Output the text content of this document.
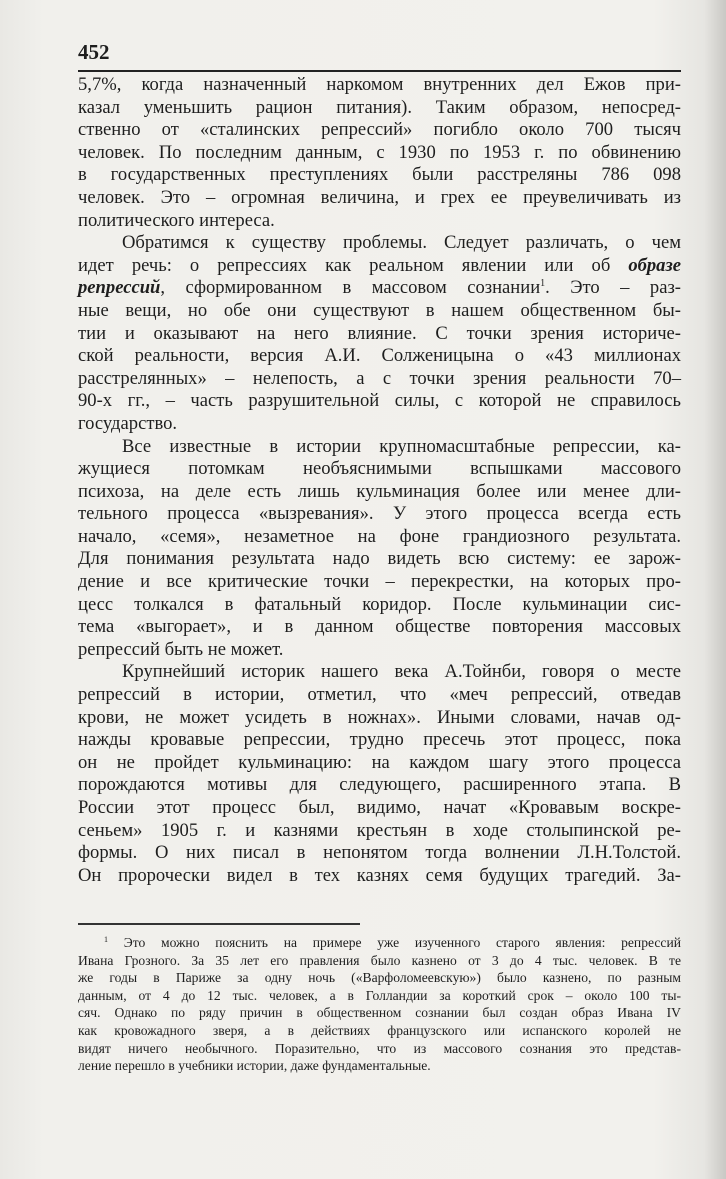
452
5,7%, когда назначенный наркомом внутренних дел Ежов при-
казал уменьшить рацион питания). Таким образом, непосред-
ственно от «сталинских репрессий» погибло около 700 тысяч
человек. По последним данным, с 1930 по 1953 г. по обвинению
в государственных преступлениях были расстреляны 786 098
человек. Это – огромная величина, и грех ее преувеличивать из
политического интереса.
Обратимся к существу проблемы. Следует различать, о чем
идет речь: о репрессиях как реальном явлении или об образе
репрессий, сформированном в массовом сознании$^1$. Это – раз-
ные вещи, но обе они существуют в нашем общественном бы-
тии и оказывают на него влияние. С точки зрения историче-
ской реальности, версия А.И. Солженицына о «43 миллионах
расстрелянных» – нелепость, а с точки зрения реальности 70–
90-х гг., – часть разрушительной силы, с которой не справилось
государство.
Все известные в истории крупномасштабные репрессии, ка-
жущиеся потомкам необъяснимыми вспышками массового
психоза, на деле есть лишь кульминация более или менее дли-
тельного процесса «вызревания». У этого процесса всегда есть
начало, «семя», незаметное на фоне грандиозного результата.
Для понимания результата надо видеть всю систему: ее зарож-
дение и все критические точки – перекрестки, на которых про-
цесс толкался в фатальный коридор. После кульминации сис-
тема «выгорает», и в данном обществе повторения массовых
репрессий быть не может.
Крупнейший историк нашего века А.Тойнби, говоря о месте
репрессий в истории, отметил, что «меч репрессий, отведав
крови, не может усидеть в ножнах». Иными словами, начав од-
нажды кровавые репрессии, трудно пресечь этот процесс, пока
он не пройдет кульминацию: на каждом шагу этого процесса
порождаются мотивы для следующего, расширенного этапа. В
России этот процесс был, видимо, начат «Кровавым воскре-
сеньем» 1905 г. и казнями крестьян в ходе столыпинской ре-
формы. О них писал в непонятом тогда волнении Л.Н.Толстой.
Он пророчески видел в тех казнях семя будущих трагедий. За-
$^1$ Это можно пояснить на примере уже изученного старого явления: репрессий
Ивана Грозного. За 35 лет его правления было казнено от 3 до 4 тыс. человек. В те
же годы в Париже за одну ночь («Варфоломеевскую») было казнено, по разным
данным, от 4 до 12 тыс. человек, а в Голландии за короткий срок – около 100 ты-
сяч. Однако по ряду причин в общественном сознании был создан образ Ивана IV
как кровожадного зверя, а в действиях французского или испанского королей не
видят ничего необычного. Поразительно, что из массового сознания это представ-
ление перешло в учебники истории, даже фундаментальные.
